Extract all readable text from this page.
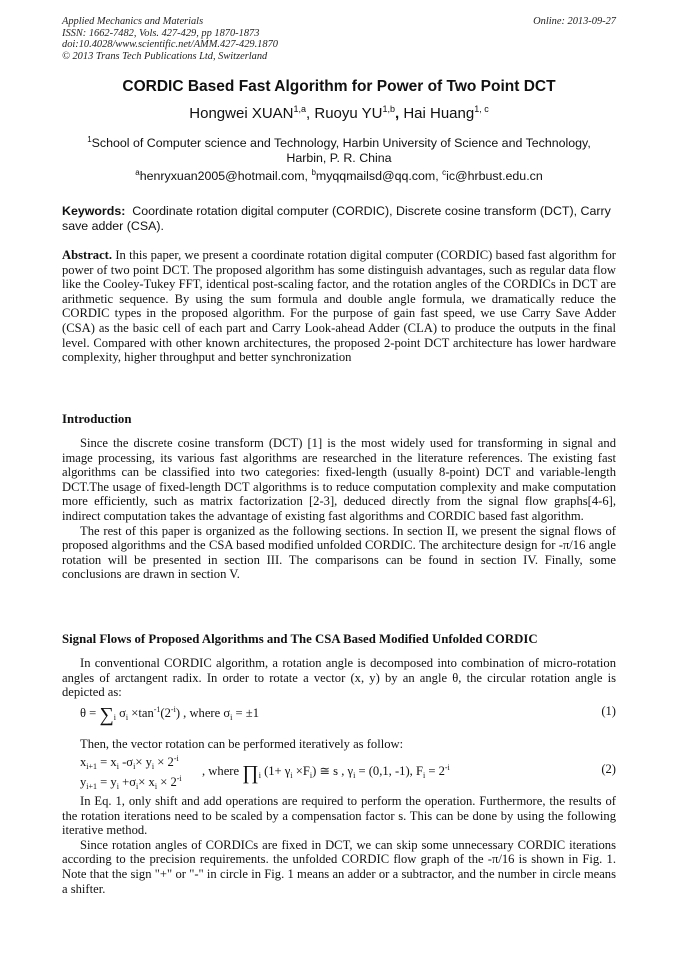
Applied Mechanics and Materials
ISSN: 1662-7482, Vols. 427-429, pp 1870-1873
doi:10.4028/www.scientific.net/AMM.427-429.1870
© 2013 Trans Tech Publications Ltd, Switzerland
Online: 2013-09-27
CORDIC Based Fast Algorithm for Power of Two Point DCT
Hongwei XUAN$^{1,a}$, Ruoyu YU$^{1,b}$, Hai Huang$^{1, c}$
$^1$School of Computer science and Technology, Harbin University of Science and Technology, Harbin, P. R. China
$^a$henryxuan2005@hotmail.com, $^b$myqqmailsd@qq.com, $^c$ic@hrbust.edu.cn
Keywords: Coordinate rotation digital computer (CORDIC), Discrete cosine transform (DCT), Carry save adder (CSA).
Abstract. In this paper, we present a coordinate rotation digital computer (CORDIC) based fast algorithm for power of two point DCT. The proposed algorithm has some distinguish advantages, such as regular data flow like the Cooley-Tukey FFT, identical post-scaling factor, and the rotation angles of the CORDICs in DCT are arithmetic sequence. By using the sum formula and double angle formula, we dramatically reduce the CORDIC types in the proposed algorithm. For the purpose of gain fast speed, we use Carry Save Adder (CSA) as the basic cell of each part and Carry Look-ahead Adder (CLA) to produce the outputs in the final level. Compared with other known architectures, the proposed 2-point DCT architecture has lower hardware complexity, higher throughput and better synchronization
Introduction

Since the discrete cosine transform (DCT) [1] is the most widely used for transforming in signal and image processing, its various fast algorithms are researched in the literature references. The existing fast algorithms can be classified into two categories: fixed-length (usually 8-point) DCT and variable-length DCT.The usage of fixed-length DCT algorithms is to reduce computation complexity and make computation more efficiently, such as matrix factorization [2-3], deduced directly from the signal flow graphs[4-6], indirect computation takes the advantage of existing fast algorithms and CORDIC based fast algorithm.

The rest of this paper is organized as the following sections. In section II, we present the signal flows of proposed algorithms and the CSA based modified unfolded CORDIC. The architecture design for -π/16 angle rotation will be presented in section III. The comparisons can be found in section IV. Finally, some conclusions are drawn in section V.

Signal Flows of Proposed Algorithms and The CSA Based Modified Unfolded CORDIC

In conventional CORDIC algorithm, a rotation angle is decomposed into combination of micro-rotation angles of arctangent radix. In order to rotate a vector (x, y) by an angle θ, the circular rotation angle is depicted as:

$\theta = \sum_i$ $\sigma_i \times\tan^{-1}(2^{-i})$ , where $\sigma_i = \pm 1$	(1)

Then, the vector rotation can be performed iteratively as follow:

$x_{i+1} = x_i$ $-\sigma_i\times y_i \times 2^{-i}$
$y_{i+1} = y_i +\sigma_i\times x_i \times 2^{-i}$
, where $\prod_i$ $(1+ \gamma_i \times F_i)$ ≅ s , $\gamma_i = (0,1$, -1), $F_i = 2^{-i}$	(2)

In Eq. 1, only shift and add operations are required to perform the operation. Furthermore, the results of the rotation iterations need to be scaled by a compensation factor s. This can be done by using the following iterative method.

Since rotation angles of CORDICs are fixed in DCT, we can skip some unnecessary CORDIC iterations according to the precision requirements. the unfolded CORDIC flow graph of the -π/16 is shown in Fig. 1. Note that the sign "+" or "-" in circle in Fig. 1 means an adder or a subtractor, and the number in circle means a shifter.
